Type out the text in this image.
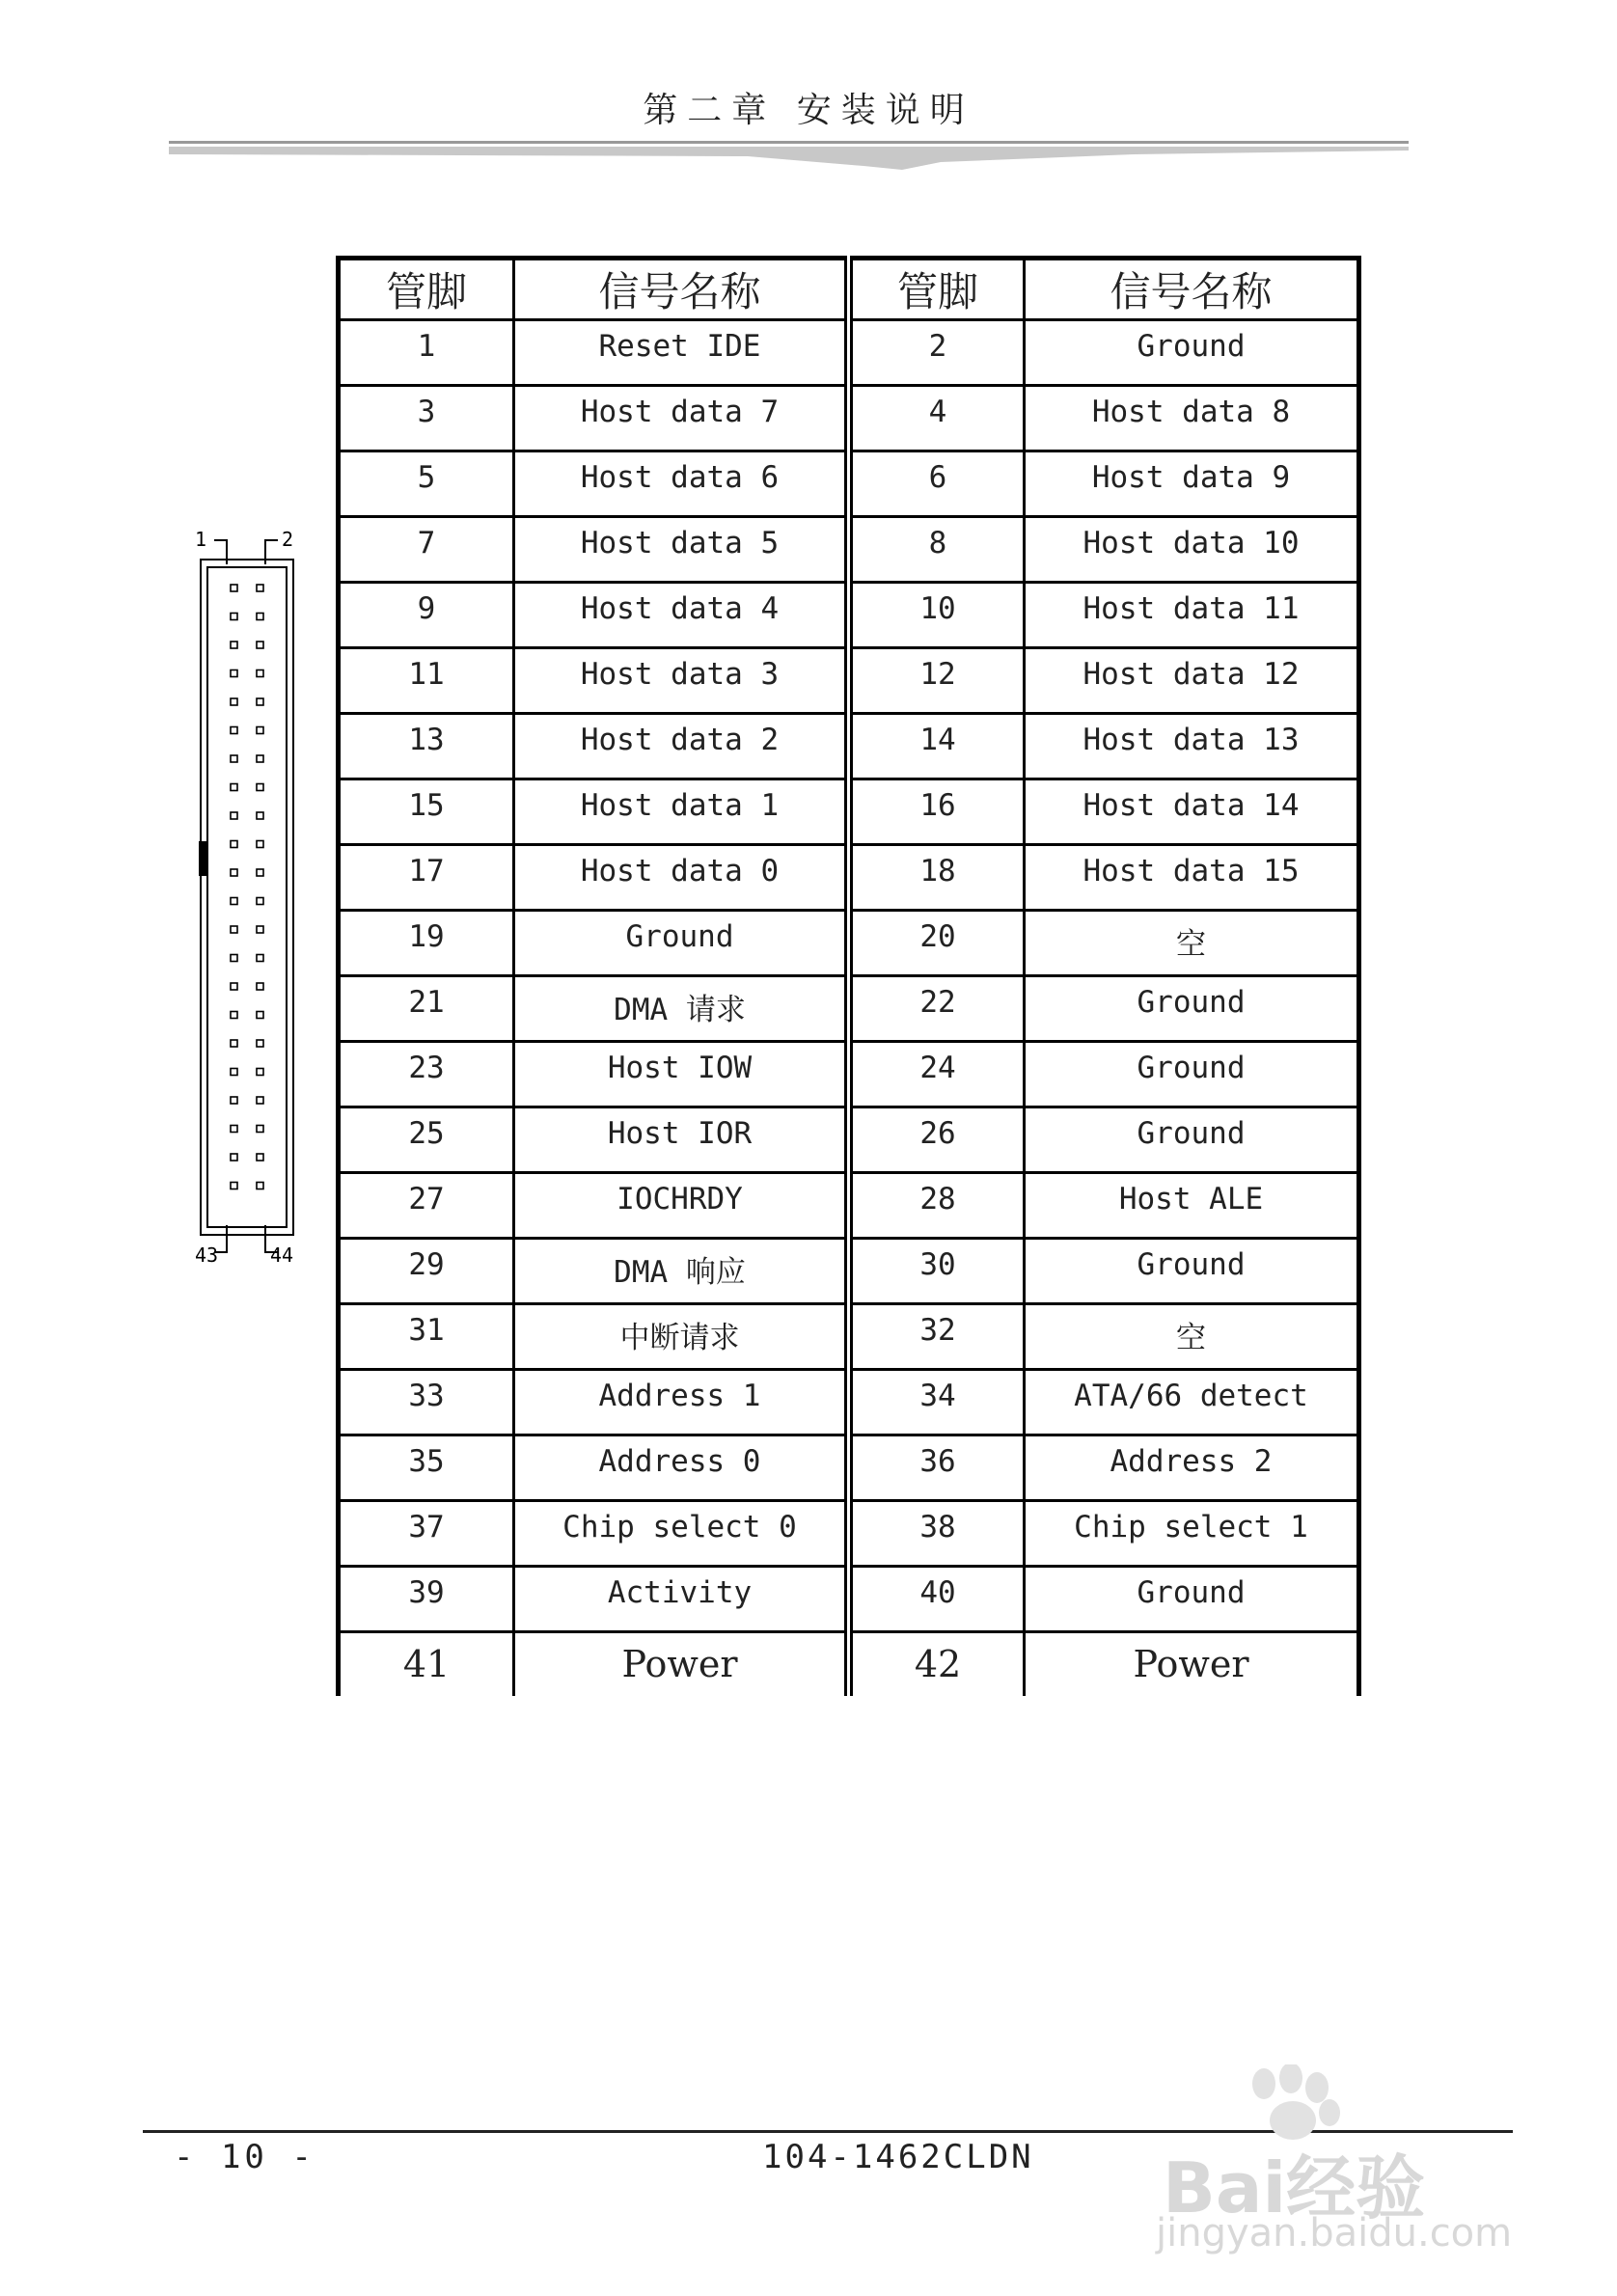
第二章 安装说明
1	2
43	44
管脚	信号名称	管脚	信号名称
1	Reset IDE	2	Ground
3	Host data 7	4	Host data 8
5	Host data 6	6	Host data 9
7	Host data 5	8	Host data 10
9	Host data 4	10	Host data 11
11	Host data 3	12	Host data 12
13	Host data 2	14	Host data 13
15	Host data 1	16	Host data 14
17	Host data 0	18	Host data 15
19	Ground	20	空
21	DMA 请求	22	Ground
23	Host IOW	24	Ground
25	Host IOR	26	Ground
27	IOCHRDY	28	Host ALE
29	DMA 响应	30	Ground
31	中断请求	32	空
33	Address 1	34	ATA/66 detect
35	Address 0	36	Address 2
37	Chip select 0	38	Chip select 1
39	Activity	40	Ground
41	Power	42	Power
- 10 -	104-1462CLDN Bai经验
jingyan.baidu.com
